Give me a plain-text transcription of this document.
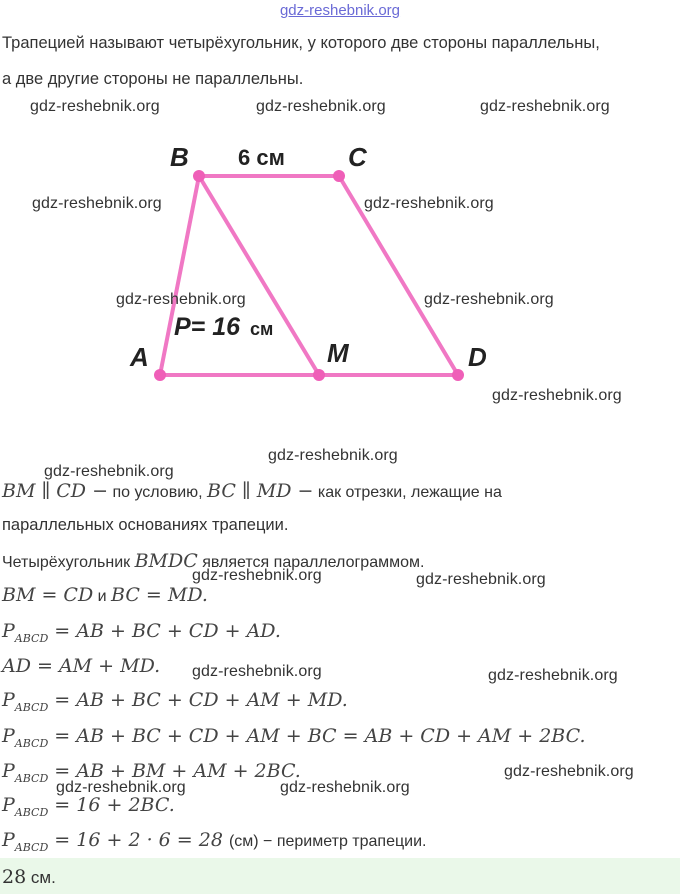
gdz-reshebnik.org
Трапецией называют четырёхугольник, у которого две стороны параллельны,
а две другие стороны не параллельны.
B	C
A	M	D
6 см
P= 16 см
BM ∥ CD − по условию, BC ∥ MD − как отрезки, лежащие на
параллельных основаниях трапеции.
Четырёхугольник BMDC является параллелограммом.
BM = CD и BC = MD.
$P_{ABCD}$ = AB + BC + CD + AD.
AD = AM + MD.
$P_{ABCD}$ = AB + BC + CD + AM + MD.
$P_{ABCD}$ = AB + BC + CD + AM + BC = AB + CD + AM + 2BC.
$P_{ABCD}$ = AB + BM + AM + 2BC.
$P_{ABCD} = 16 + 2BC$.
$P_{ABCD} = 16 + 2 \cdot 6 = 28$ (см) − периметр трапеции.
28 см.
gdz-reshebnik.org	gdz-reshebnik.org	gdz-reshebnik.org
gdz-reshebnik.org	gdz-reshebnik.org
gdz-reshebnik.org	gdz-reshebnik.org
gdz-reshebnik.org
gdz-reshebnik.org
gdz-reshebnik.org
gdz-reshebnik.org	gdz-reshebnik.org
gdz-reshebnik.org	gdz-reshebnik.org
gdz-reshebnik.org
gdz-reshebnik.org	gdz-reshebnik.org
